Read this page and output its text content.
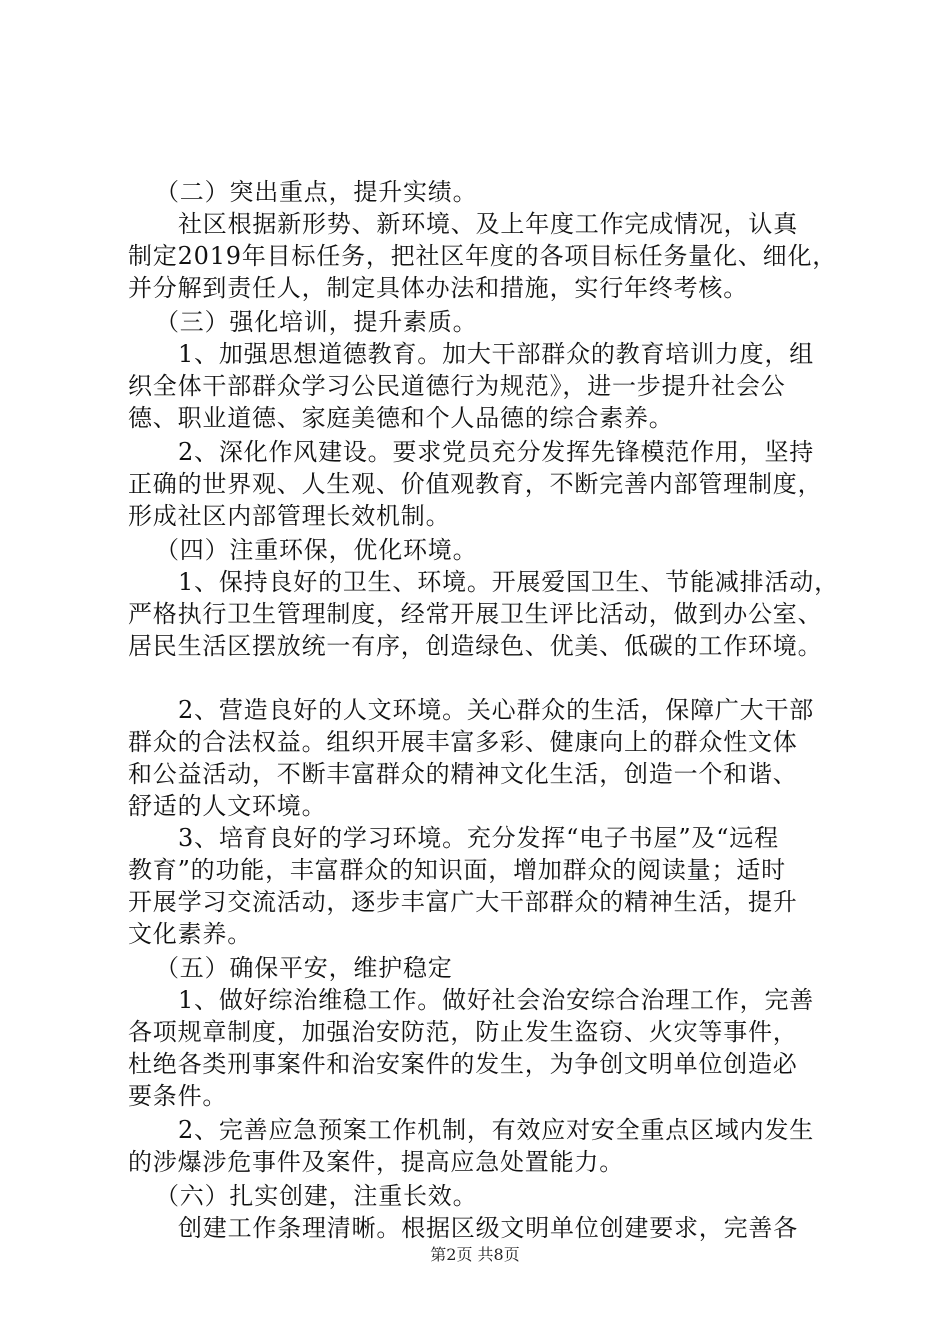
（二）突出重点，提升实绩。
社区根据新形势、新环境、及上年度工作完成情况，认真
制定2019年目标任务，把社区年度的各项目标任务量化、细化，
并分解到责任人，制定具体办法和措施，实行年终考核。
（三）强化培训，提升素质。
1、加强思想道德教育。加大干部群众的教育培训力度，组
织全体干部群众学习公民道德行为规范》，进一步提升社会公
德、职业道德、家庭美德和个人品德的综合素养。
2、深化作风建设。要求党员充分发挥先锋模范作用，坚持
正确的世界观、人生观、价值观教育，不断完善内部管理制度，
形成社区内部管理长效机制。
（四）注重环保，优化环境。
1、保持良好的卫生、环境。开展爱国卫生、节能减排活动，
严格执行卫生管理制度，经常开展卫生评比活动，做到办公室、
居民生活区摆放统一有序，创造绿色、优美、低碳的工作环境。
2、营造良好的人文环境。关心群众的生活，保障广大干部
群众的合法权益。组织开展丰富多彩、健康向上的群众性文体
和公益活动，不断丰富群众的精神文化生活，创造一个和谐、
舒适的人文环境。
3、培育良好的学习环境。充分发挥“电子书屋”及“远程
教育”的功能，丰富群众的知识面，增加群众的阅读量；适时
开展学习交流活动，逐步丰富广大干部群众的精神生活，提升
文化素养。
（五）确保平安，维护稳定
1、做好综治维稳工作。做好社会治安综合治理工作，完善
各项规章制度，加强治安防范，防止发生盗窃、火灾等事件，
杜绝各类刑事案件和治安案件的发生，为争创文明单位创造必
要条件。
2、完善应急预案工作机制，有效应对安全重点区域内发生
的涉爆涉危事件及案件，提高应急处置能力。
（六）扎实创建，注重长效。
创建工作条理清晰。根据区级文明单位创建要求，完善各
第2页 共8页
